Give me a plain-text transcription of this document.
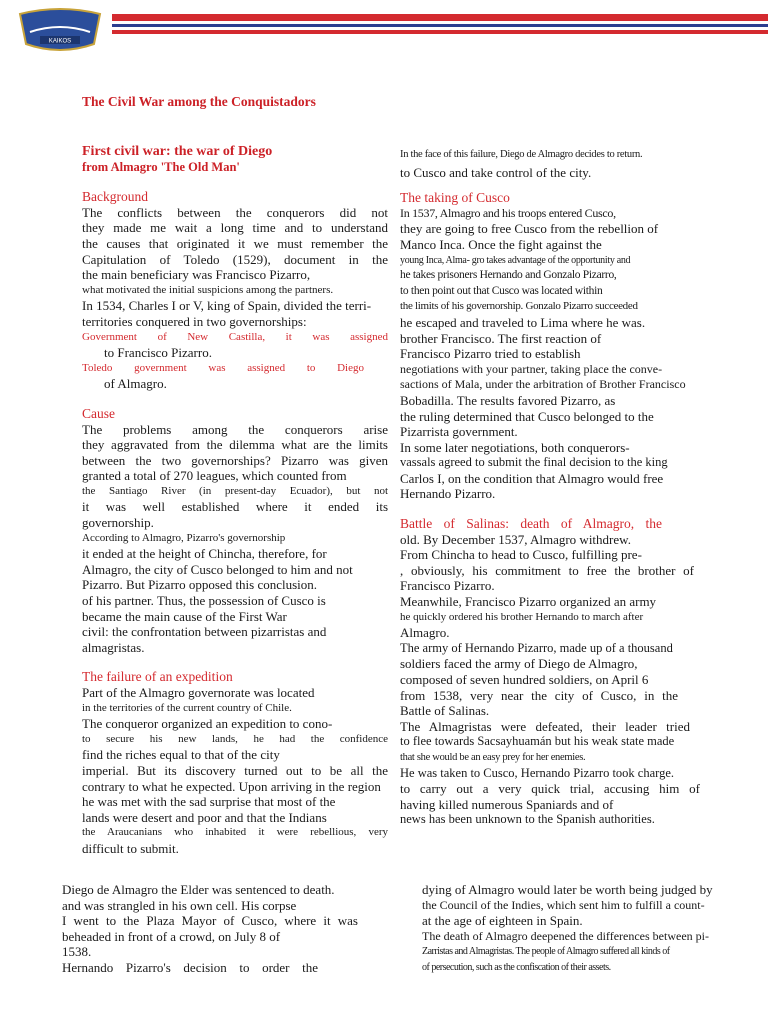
KAIKOS
The Civil War among the Conquistadors
First civil war: the war of Diego
from Almagro 'The Old Man'
Background
The conflicts between the conquerors did not
they made me wait a long time and to understand
the causes that originated it we must remember the
Capitulation of Toledo (1529), document in the
the main beneficiary was Francisco Pizarro,
what motivated the initial suspicions among the partners.
In 1534, Charles I or V, king of Spain, divided the terri-
territories conquered in two governorships:
Government of New Castilla, it was assigned
to Francisco Pizarro.
Toledo government was assigned to Diego
of Almagro.
Cause
The problems among the conquerors arise
they aggravated from the dilemma what are the limits
between the two governorships? Pizarro was given
granted a total of 270 leagues, which counted from
the Santiago River (in present-day Ecuador), but not
it was well established where it ended its
governorship.
According to Almagro, Pizarro's governorship
it ended at the height of Chincha, therefore, for
Almagro, the city of Cusco belonged to him and not
Pizarro. But Pizarro opposed this conclusion.
of his partner. Thus, the possession of Cusco is
became the main cause of the First War
civil: the confrontation between pizarristas and
almagristas.
The failure of an expedition
Part of the Almagro governorate was located
in the territories of the current country of Chile.
The conqueror organized an expedition to cono-
to secure his new lands, he had the confidence
find the riches equal to that of the city
imperial. But its discovery turned out to be all the
contrary to what he expected. Upon arriving in the region
he was met with the sad surprise that most of the
lands were desert and poor and that the Indians
the Araucanians who inhabited it were rebellious, very
difficult to submit.
In the face of this failure, Diego de Almagro decides to return.
to Cusco and take control of the city.
The taking of Cusco
In 1537, Almagro and his troops entered Cusco,
they are going to free Cusco from the rebellion of
Manco Inca. Once the fight against the
young Inca, Alma- gro takes advantage of the opportunity and
he takes prisoners Hernando and Gonzalo Pizarro,
to then point out that Cusco was located within
the limits of his governorship. Gonzalo Pizarro succeeded
he escaped and traveled to Lima where he was.
brother Francisco. The first reaction of
Francisco Pizarro tried to establish
negotiations with your partner, taking place the conve-
sactions of Mala, under the arbitration of Brother Francisco
Bobadilla. The results favored Pizarro, as
the ruling determined that Cusco belonged to the
Pizarrista government.
In some later negotiations, both conquerors-
vassals agreed to submit the final decision to the king
Carlos I, on the condition that Almagro would free
Hernando Pizarro.
Battle of Salinas: death of Almagro, the
old. By December 1537, Almagro withdrew.
From Chincha to head to Cusco, fulfilling pre-
, obviously, his commitment to free the brother of
Francisco Pizarro.
Meanwhile, Francisco Pizarro organized an army
he quickly ordered his brother Hernando to march after
Almagro.
The army of Hernando Pizarro, made up of a thousand
soldiers faced the army of Diego de Almagro,
composed of seven hundred soldiers, on April 6
from 1538, very near the city of Cusco, in the
Battle of Salinas.
The Almagristas were defeated, their leader tried
to flee towards Sacsayhuamán but his weak state made
that she would be an easy prey for her enemies.
He was taken to Cusco, Hernando Pizarro took charge.
to carry out a very quick trial, accusing him of
having killed numerous Spaniards and of
news has been unknown to the Spanish authorities.
Diego de Almagro the Elder was sentenced to death.
and was strangled in his own cell. His corpse
I went to the Plaza Mayor of Cusco, where it was
beheaded in front of a crowd, on July 8 of
1538.
Hernando Pizarro's decision to order the
dying of Almagro would later be worth being judged by
the Council of the Indies, which sent him to fulfill a count-
at the age of eighteen in Spain.
The death of Almagro deepened the differences between pi-
Zarristas and Almagristas. The people of Almagro suffered all kinds of
of persecution, such as the confiscation of their assets.
